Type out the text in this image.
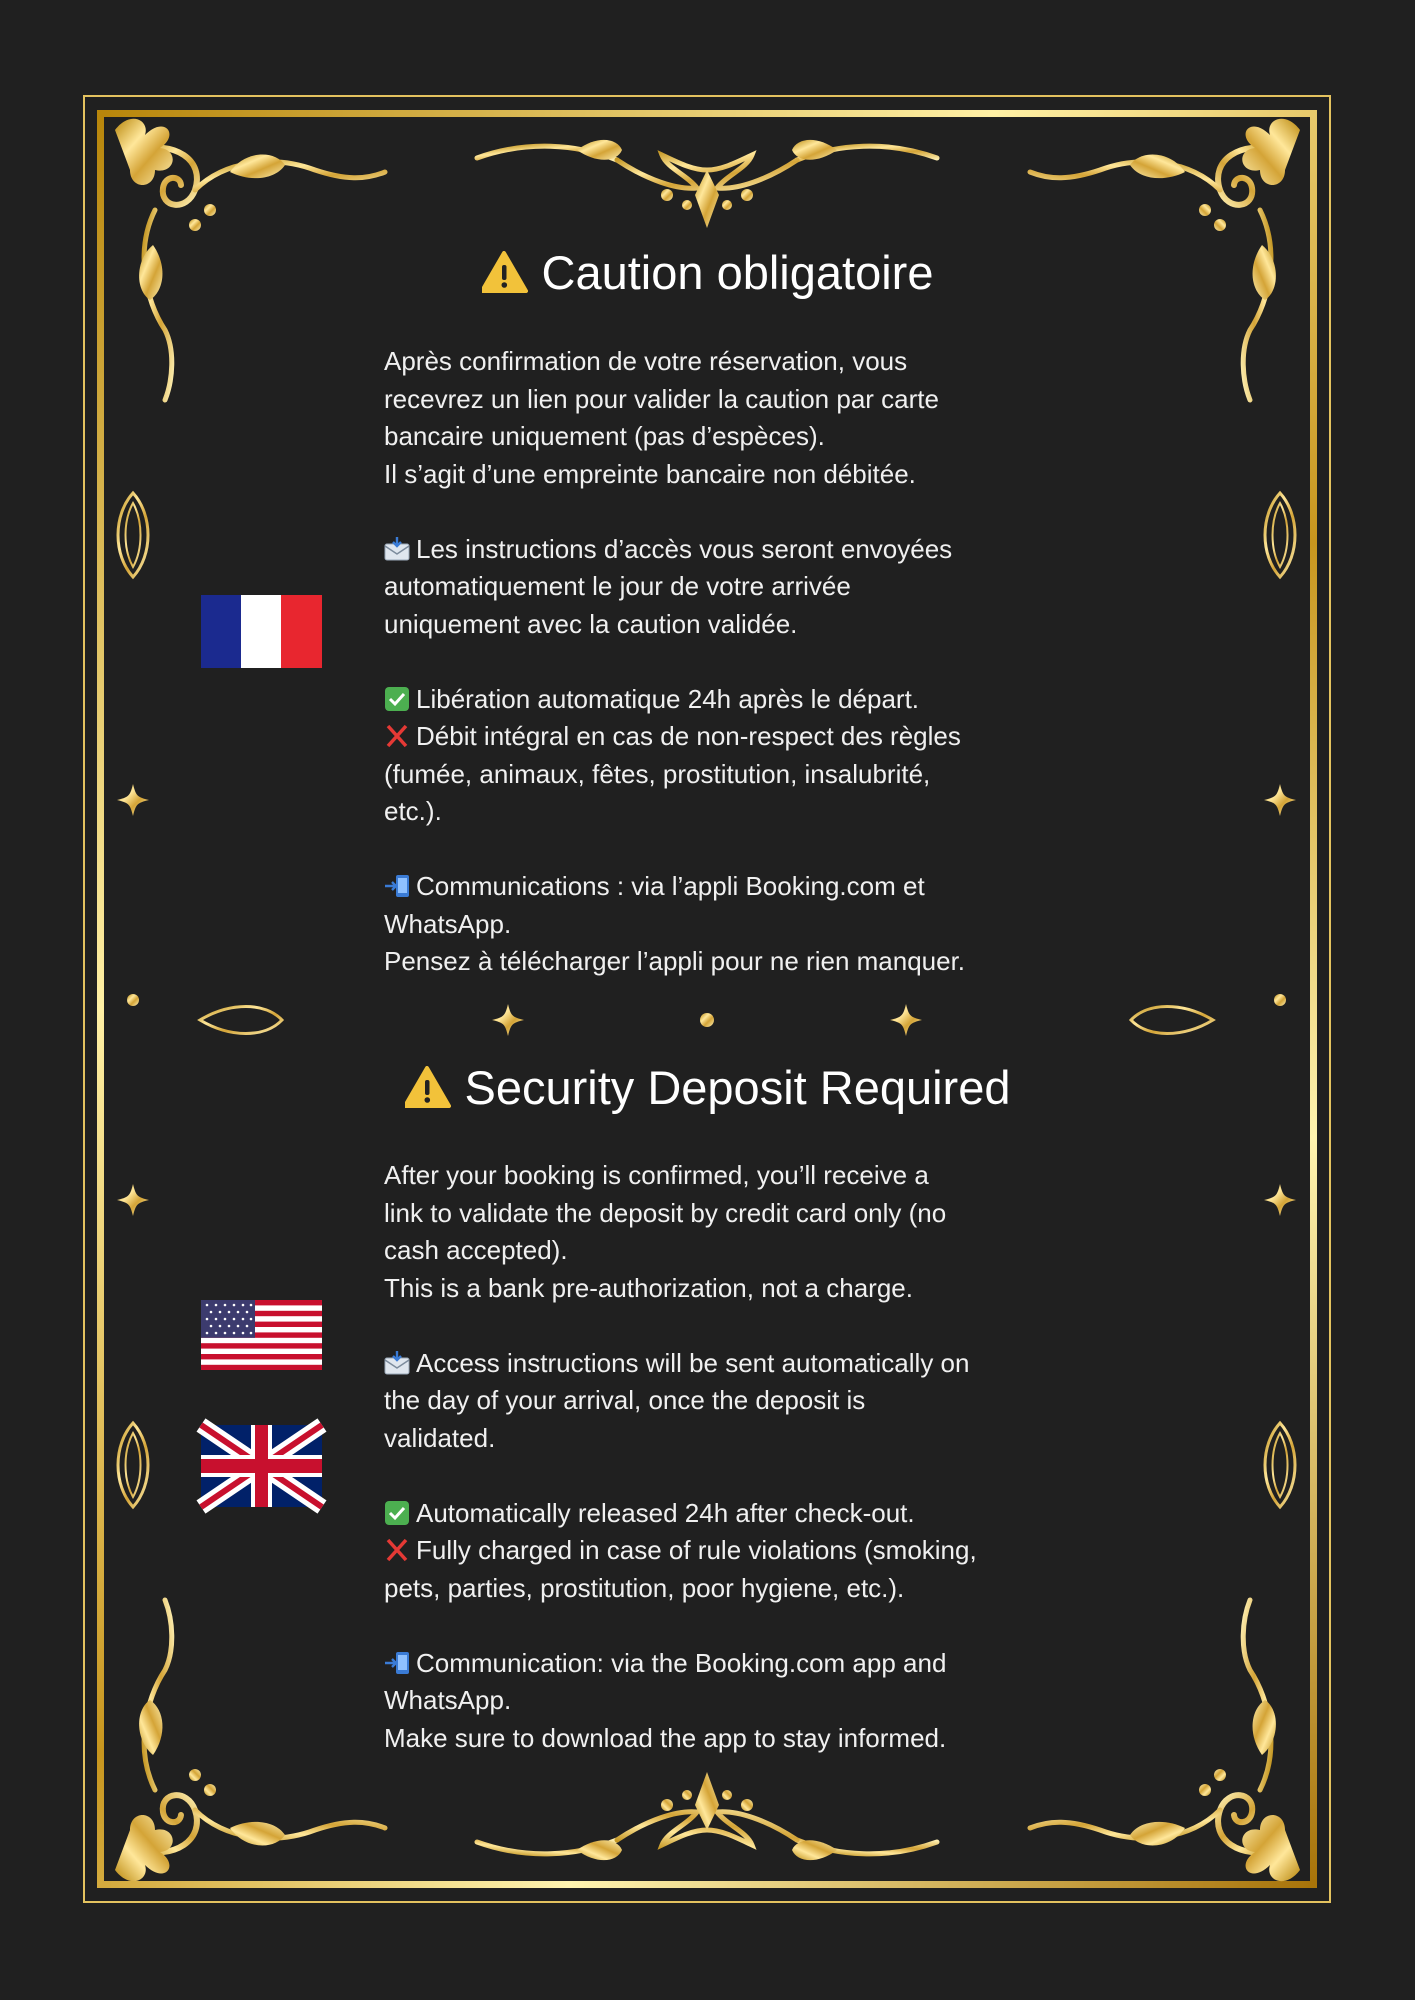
Caution obligatoire

Après confirmation de votre réservation, vous
recevrez un lien pour valider la caution par carte
bancaire uniquement (pas d’espèces).
Il s’agit d’une empreinte bancaire non débitée.

Les instructions d’accès vous seront envoyées
automatiquement le jour de votre arrivée
uniquement avec la caution validée.

Libération automatique 24h après le départ.
Débit intégral en cas de non-respect des règles
(fumée, animaux, fêtes, prostitution, insalubrité,
etc.).

Communications : via l’appli Booking.com et
WhatsApp.
Pensez à télécharger l’appli pour ne rien manquer.

Security Deposit Required

After your booking is confirmed, you’ll receive a
link to validate the deposit by credit card only (no
cash accepted).
This is a bank pre-authorization, not a charge.

Access instructions will be sent automatically on
the day of your arrival, once the deposit is
validated.

Automatically released 24h after check-out.
Fully charged in case of rule violations (smoking,
pets, parties, prostitution, poor hygiene, etc.).

Communication: via the Booking.com app and
WhatsApp.
Make sure to download the app to stay informed.
